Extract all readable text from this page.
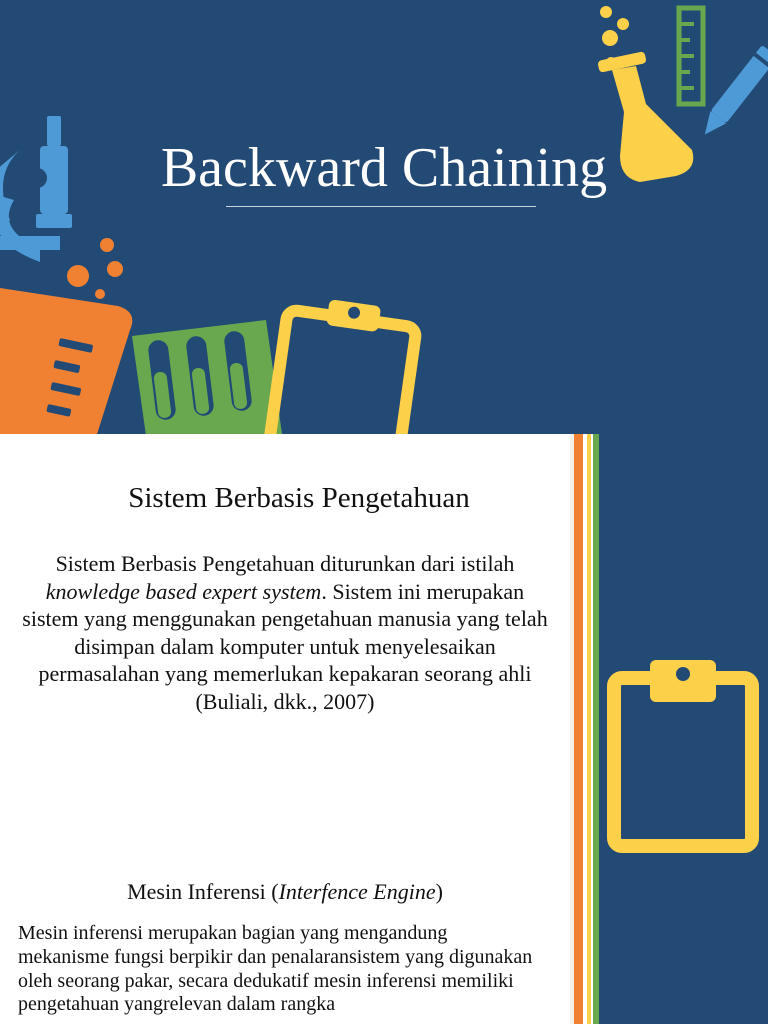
Backward Chaining
Sistem Berbasis Pengetahuan
Sistem Berbasis Pengetahuan diturunkan dari istilah knowledge based expert system. Sistem ini merupakan sistem yang menggunakan pengetahuan manusia yang telah disimpan dalam komputer untuk menyelesaikan permasalahan yang memerlukan kepakaran seorang ahli (Buliali, dkk., 2007)
Mesin Inferensi (Interfence Engine)
Mesin inferensi merupakan bagian yang mengandung mekanisme fungsi berpikir dan penalaransistem yang digunakan oleh seorang pakar, secara dedukatif mesin inferensi memiliki pengetahuan yangrelevan dalam rangka
